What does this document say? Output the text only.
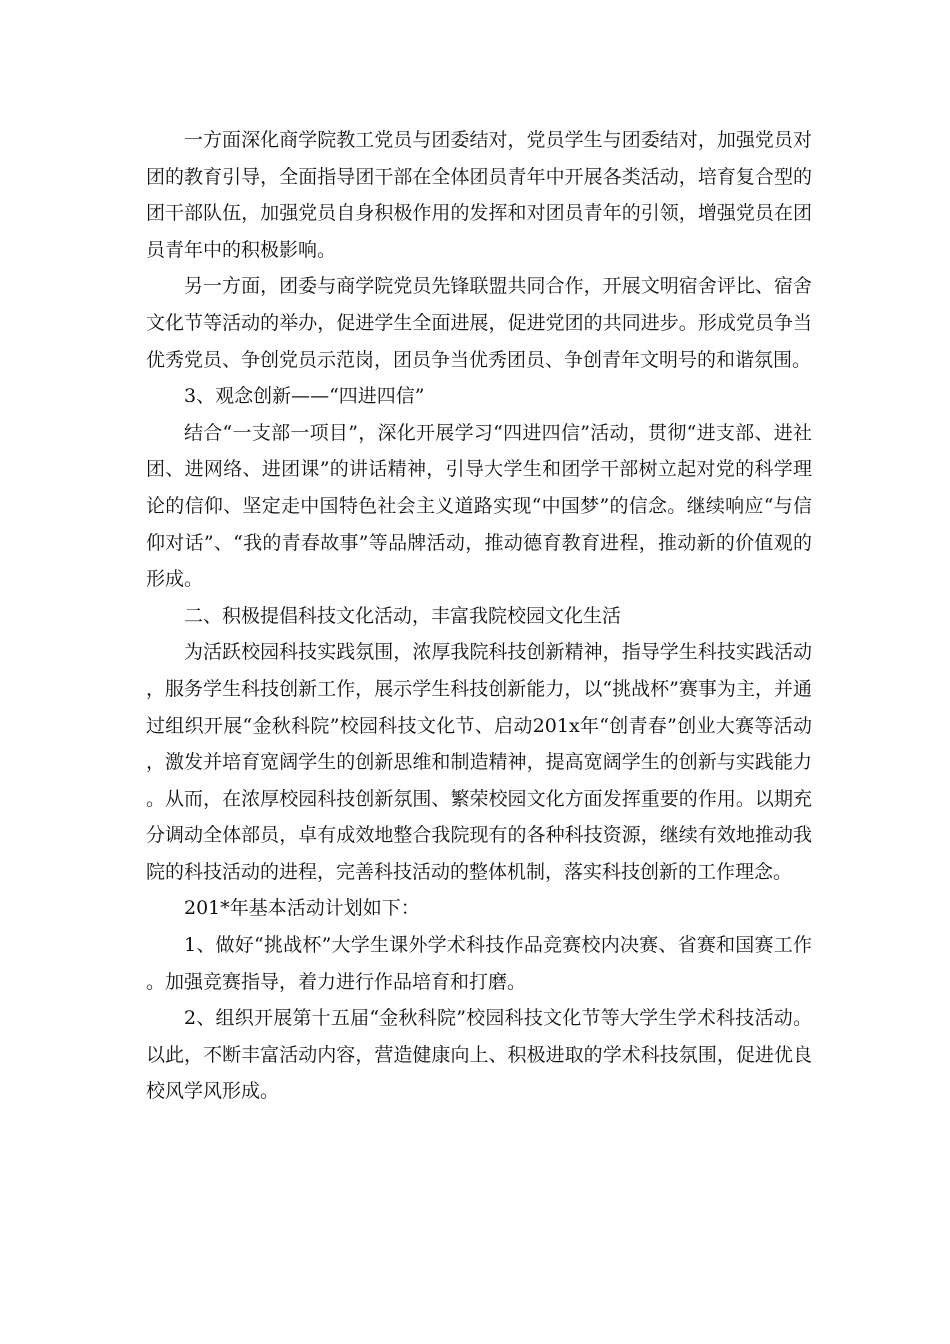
一方面深化商学院教工党员与团委结对，党员学生与团委结对，加强党员对团的教育引导，全面指导团干部在全体团员青年中开展各类活动，培育复合型的团干部队伍，加强党员自身积极作用的发挥和对团员青年的引领，增强党员在团员青年中的积极影响。

另一方面，团委与商学院党员先锋联盟共同合作，开展文明宿舍评比、宿舍文化节等活动的举办，促进学生全面进展，促进党团的共同进步。形成党员争当优秀党员、争创党员示范岗，团员争当优秀团员、争创青年文明号的和谐氛围。

3、观念创新——“四进四信”

结合“一支部一项目”，深化开展学习“四进四信”活动，贯彻“进支部、进社团、进网络、进团课”的讲话精神，引导大学生和团学干部树立起对党的科学理论的信仰、坚定走中国特色社会主义道路实现“中国梦”的信念。继续响应“与信仰对话”、“我的青春故事”等品牌活动，推动德育教育进程，推动新的价值观的形成。

二、积极提倡科技文化活动，丰富我院校园文化生活

为活跃校园科技实践氛围，浓厚我院科技创新精神，指导学生科技实践活动，服务学生科技创新工作，展示学生科技创新能力，以“挑战杯”赛事为主，并通过组织开展“金秋科院”校园科技文化节、启动201x年“创青春”创业大赛等活动，激发并培育宽阔学生的创新思维和制造精神，提高宽阔学生的创新与实践能力。从而，在浓厚校园科技创新氛围、繁荣校园文化方面发挥重要的作用。以期充分调动全体部员，卓有成效地整合我院现有的各种科技资源，继续有效地推动我院的科技活动的进程，完善科技活动的整体机制，落实科技创新的工作理念。

201*年基本活动计划如下：

1、做好“挑战杯”大学生课外学术科技作品竞赛校内决赛、省赛和国赛工作。加强竞赛指导，着力进行作品培育和打磨。

2、组织开展第十五届“金秋科院”校园科技文化节等大学生学术科技活动。以此，不断丰富活动内容，营造健康向上、积极进取的学术科技氛围，促进优良校风学风形成。
